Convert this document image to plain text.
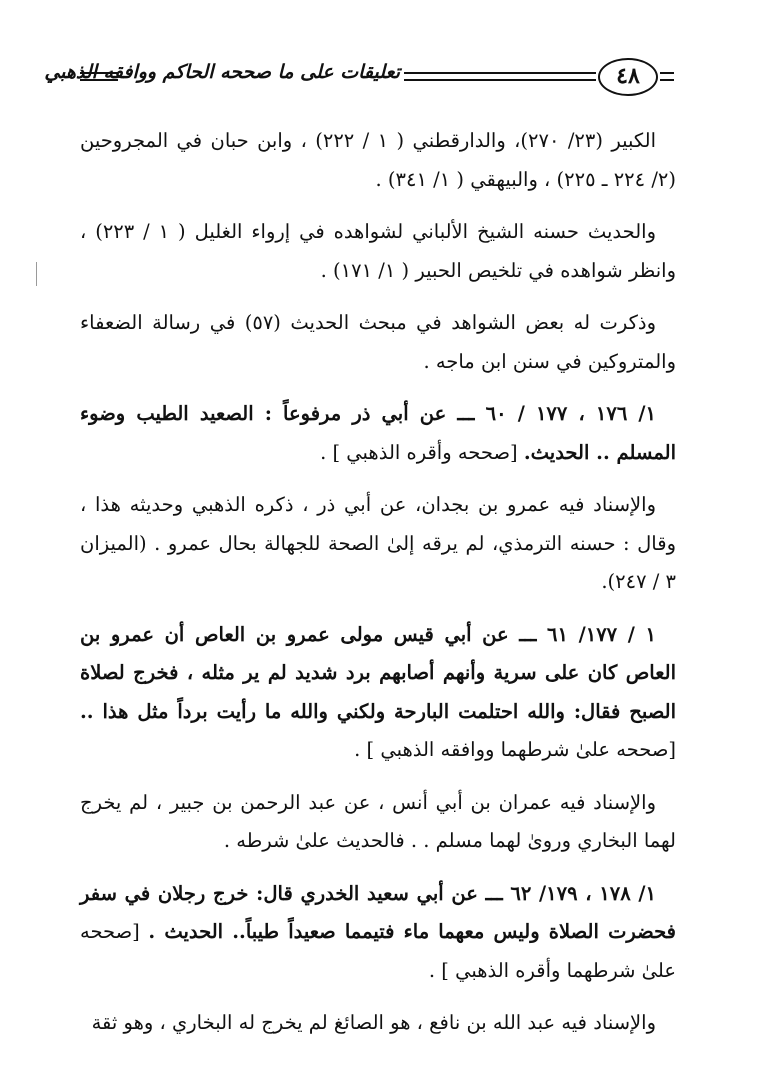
تعليقات على ما صححه الحاكم ووافقه الذهبي	٤٨

الكبير (٢٣/ ٢٧٠)، والدارقطني ( ١ / ٢٢٢) ، وابن حبان في المجروحين (٢/ ٢٢٤ ـ ٢٢٥) ، والبيهقي ( ١/ ٣٤١) .

والحديث حسنه الشيخ الألباني لشواهده في إرواء الغليل ( ١ / ٢٢٣) ، وانظر شواهده في تلخيص الحبير ( ١/ ١٧١) .

وذكرت له بعض الشواهد في مبحث الحديث (٥٧) في رسالة الضعفاء والمتروكين في سنن ابن ماجه .

١/ ١٧٦ ، ١٧٧ / ٦٠ ـــ عن أبي ذر مرفوعاً : الصعيد الطيب وضوء المسلم .. الحديث. [صححه وأقره الذهبي ] .

والإسناد فيه عمرو بن بجدان، عن أبي ذر ، ذكره الذهبي وحديثه هذا ، وقال : حسنه الترمذي، لم يرقه إلىٰ الصحة للجهالة بحال عمرو . (الميزان ٣ / ٢٤٧).

١ / ١٧٧/ ٦١ ـــ عن أبي قيس مولى عمرو بن العاص أن عمرو بن العاص كان على سرية وأنهم أصابهم برد شديد لم ير مثله ، فخرج لصلاة الصبح فقال: والله احتلمت البارحة ولكني والله ما رأيت برداً مثل هذا .. [صححه علىٰ شرطهما ووافقه الذهبي ] .

والإسناد فيه عمران بن أبي أنس ، عن عبد الرحمن بن جبير ، لم يخرج لهما البخاري وروىٰ لهما مسلم . . فالحديث علىٰ شرطه .

١/ ١٧٨ ، ١٧٩/ ٦٢ ـــ عن أبي سعيد الخدري قال: خرج رجلان في سفر فحضرت الصلاة وليس معهما ماء فتيمما صعيداً طيباً.. الحديث . [صححه علىٰ شرطهما وأقره الذهبي ] .

والإسناد فيه عبد الله بن نافع ، هو الصائغ لم يخرج له البخاري ، وهو ثقة
